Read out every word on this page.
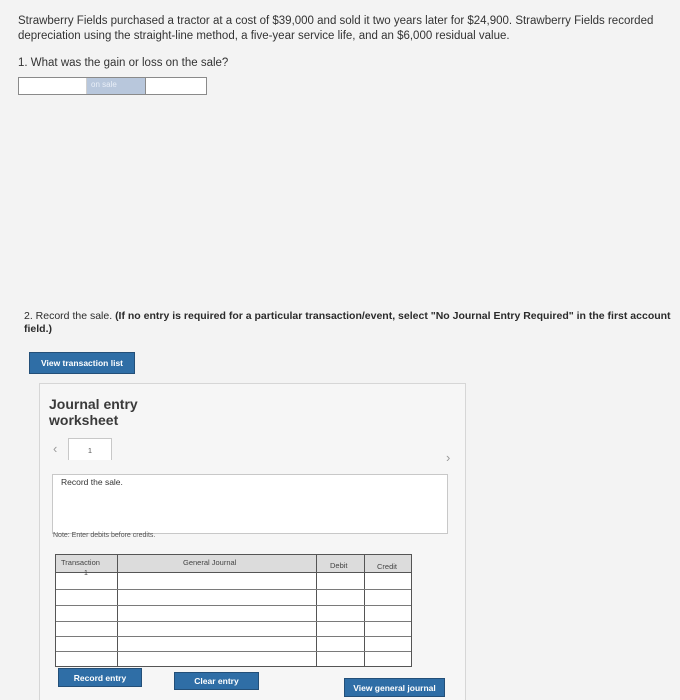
Strawberry Fields purchased a tractor at a cost of $39,000 and sold it two years later for $24,900. Strawberry Fields recorded depreciation using the straight-line method, a five-year service life, and an $6,000 residual value.
1. What was the gain or loss on the sale?
on sale
2. Record the sale. (If no entry is required for a particular transaction/event, select "No Journal Entry Required" in the first account field.)
View transaction list
Journal entry
worksheet
‹	1	›
Record the sale.
Note: Enter debits before credits.
Transaction	General Journal	Debit	Credit
1
Record entry	Clear entry
View general journal
